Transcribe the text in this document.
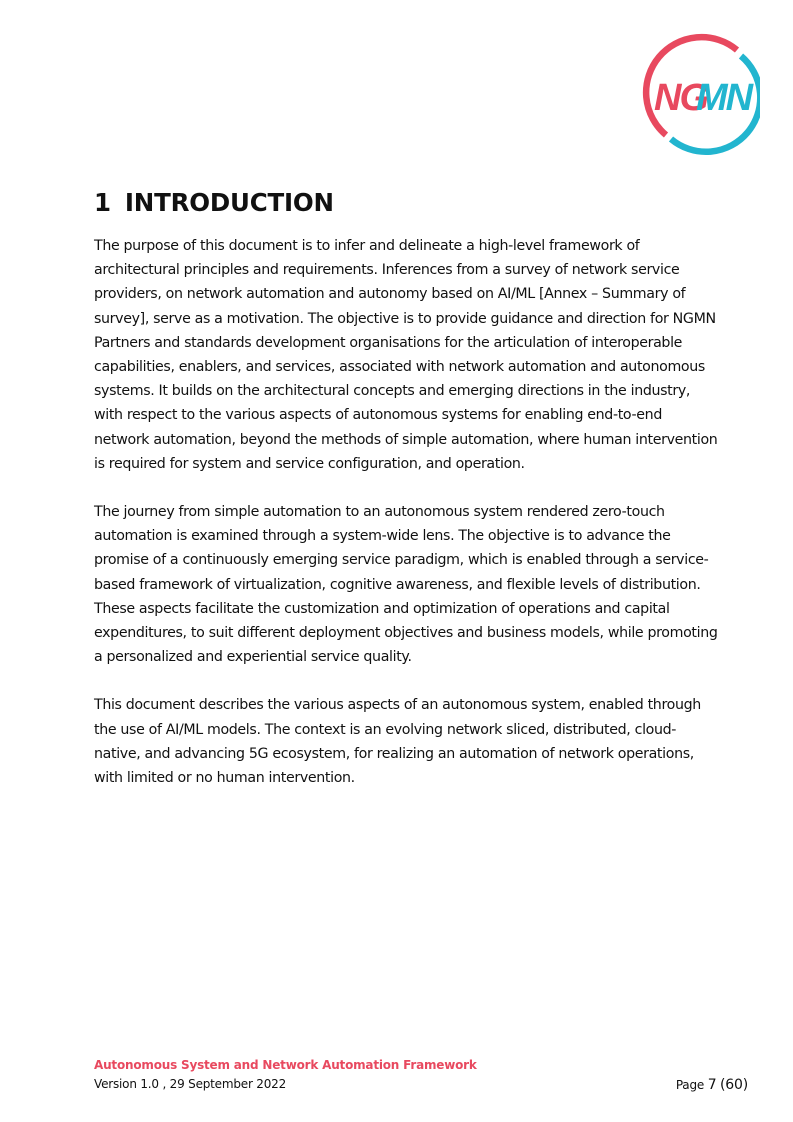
NG
MN
1 INTRODUCTION

The purpose of this document is to infer and delineate a high-level framework of architectural principles and requirements. Inferences from a survey of network service providers, on network automation and autonomy based on AI/ML [Annex – Summary of survey], serve as a motivation. The objective is to provide guidance and direction for NGMN Partners and standards development organisations for the articulation of interoperable capabilities, enablers, and services, associated with network automation and autonomous systems. It builds on the architectural concepts and emerging directions in the industry, with respect to the various aspects of autonomous systems for enabling end-to-end network automation, beyond the methods of simple automation, where human intervention is required for system and service configuration, and operation.

The journey from simple automation to an autonomous system rendered zero-touch automation is examined through a system-wide lens. The objective is to advance the promise of a continuously emerging service paradigm, which is enabled through a service-based framework of virtualization, cognitive awareness, and flexible levels of distribution. These aspects facilitate the customization and optimization of operations and capital expenditures, to suit different deployment objectives and business models, while promoting a personalized and experiential service quality.

This document describes the various aspects of an autonomous system, enabled through the use of AI/ML models. The context is an evolving network sliced, distributed, cloud-native, and advancing 5G ecosystem, for realizing an automation of network operations, with limited or no human intervention.

Autonomous System and Network Automation Framework
Version 1.0 , 29 September 2022	Page 7 (60)
